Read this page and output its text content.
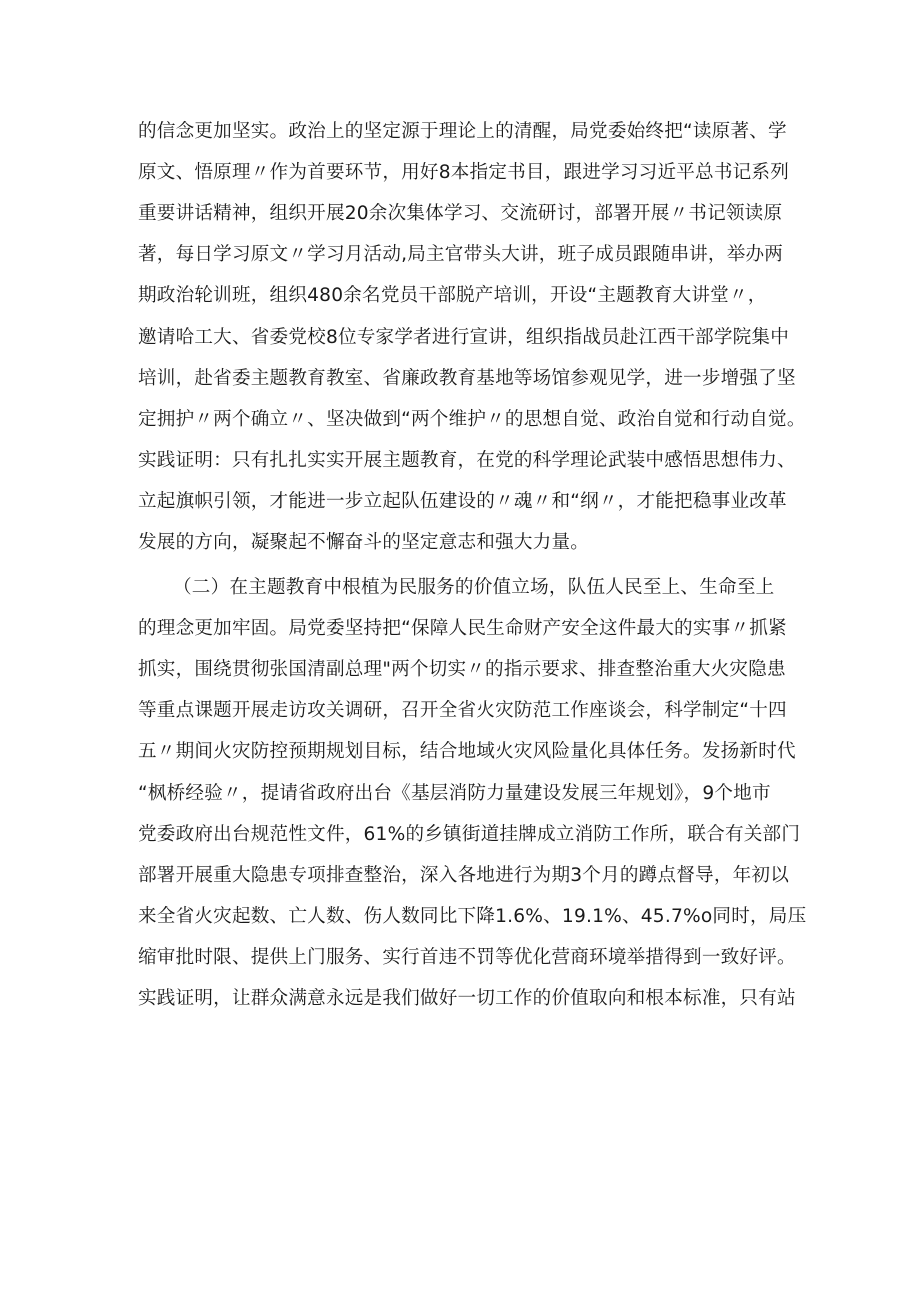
的信念更加坚实。政治上的坚定源于理论上的清醒，局党委始终把“读原著、学
原文、悟原理〃作为首要环节，用好8本指定书目，跟进学习习近平总书记系列
重要讲话精神，组织开展20余次集体学习、交流研讨，部署开展〃书记领读原
著，每日学习原文〃学习月活动,局主官带头大讲，班子成员跟随串讲，举办两
期政治轮训班，组织480余名党员干部脱产培训，开设“主题教育大讲堂〃，
邀请哈工大、省委党校8位专家学者进行宣讲，组织指战员赴江西干部学院集中
培训，赴省委主题教育教室、省廉政教育基地等场馆参观见学，进一步增强了坚
定拥护〃两个确立〃、坚决做到“两个维护〃的思想自觉、政治自觉和行动自觉。
实践证明：只有扎扎实实开展主题教育，在党的科学理论武装中感悟思想伟力、
立起旗帜引领，才能进一步立起队伍建设的〃魂〃和“纲〃，才能把稳事业改革
发展的方向，凝聚起不懈奋斗的坚定意志和强大力量。
（二）在主题教育中根植为民服务的价值立场，队伍人民至上、生命至上
的理念更加牢固。局党委坚持把“保障人民生命财产安全这件最大的实事〃抓紧
抓实，围绕贯彻张国清副总理"两个切实〃的指示要求、排查整治重大火灾隐患
等重点课题开展走访攻关调研，召开全省火灾防范工作座谈会，科学制定“十四
五〃期间火灾防控预期规划目标，结合地域火灾风险量化具体任务。发扬新时代
“枫桥经验〃，提请省政府出台《基层消防力量建设发展三年规划》，9个地市
党委政府出台规范性文件，61%的乡镇街道挂牌成立消防工作所，联合有关部门
部署开展重大隐患专项排查整治，深入各地进行为期3个月的蹲点督导，年初以
来全省火灾起数、亡人数、伤人数同比下降1.6%、19.1%、45.7%o同时，局压
缩审批时限、提供上门服务、实行首违不罚等优化营商环境举措得到一致好评。
实践证明，让群众满意永远是我们做好一切工作的价值取向和根本标准，只有站
